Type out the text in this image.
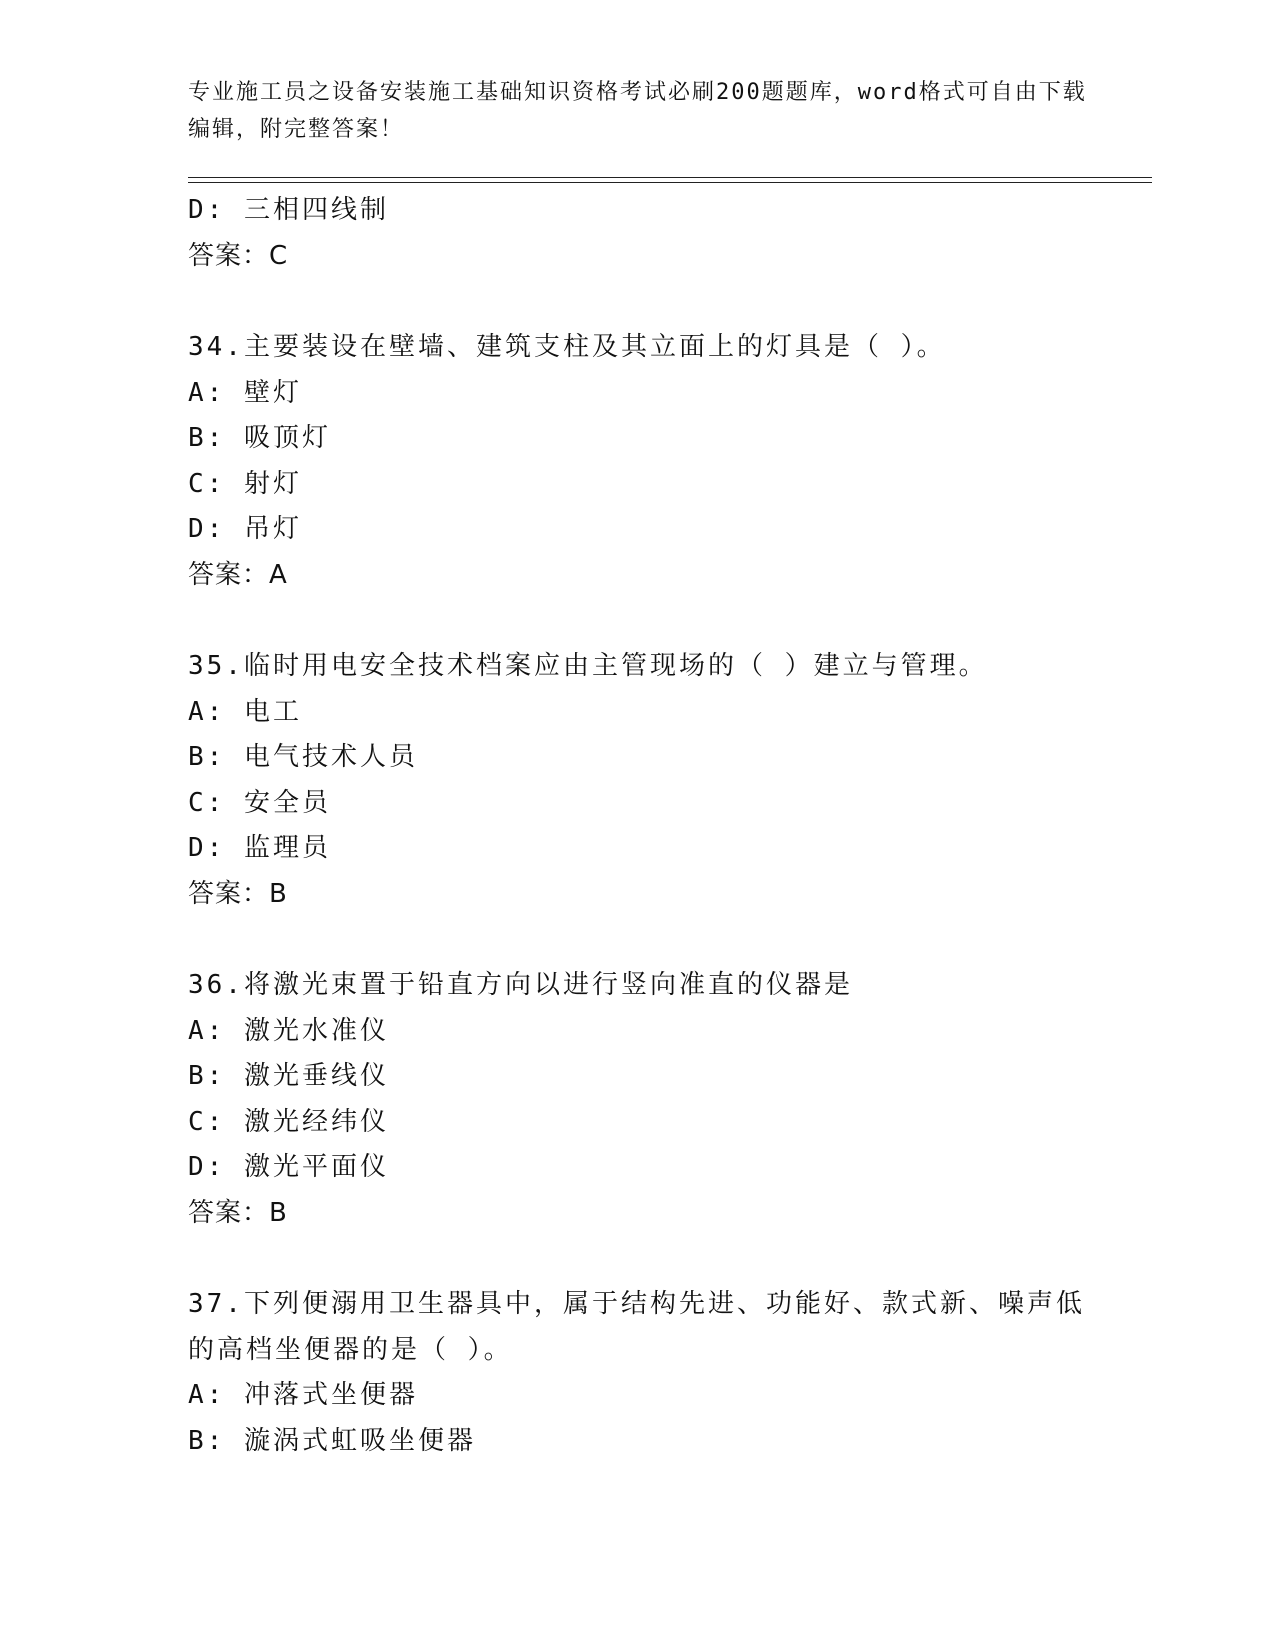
专业施工员之设备安装施工基础知识资格考试必刷200题题库，word格式可自由下载编辑，附完整答案！
D: 三相四线制
答案：C
34.主要装设在壁墙、建筑支柱及其立面上的灯具是（ ）。
A: 壁灯
B: 吸顶灯
C: 射灯
D: 吊灯
答案：A
35.临时用电安全技术档案应由主管现场的（ ）建立与管理。
A: 电工
B: 电气技术人员
C: 安全员
D: 监理员
答案：B
36.将激光束置于铅直方向以进行竖向准直的仪器是
A: 激光水准仪
B: 激光垂线仪
C: 激光经纬仪
D: 激光平面仪
答案：B
37.下列便溺用卫生器具中，属于结构先进、功能好、款式新、噪声低
的高档坐便器的是（ ）。
A: 冲落式坐便器
B: 漩涡式虹吸坐便器
